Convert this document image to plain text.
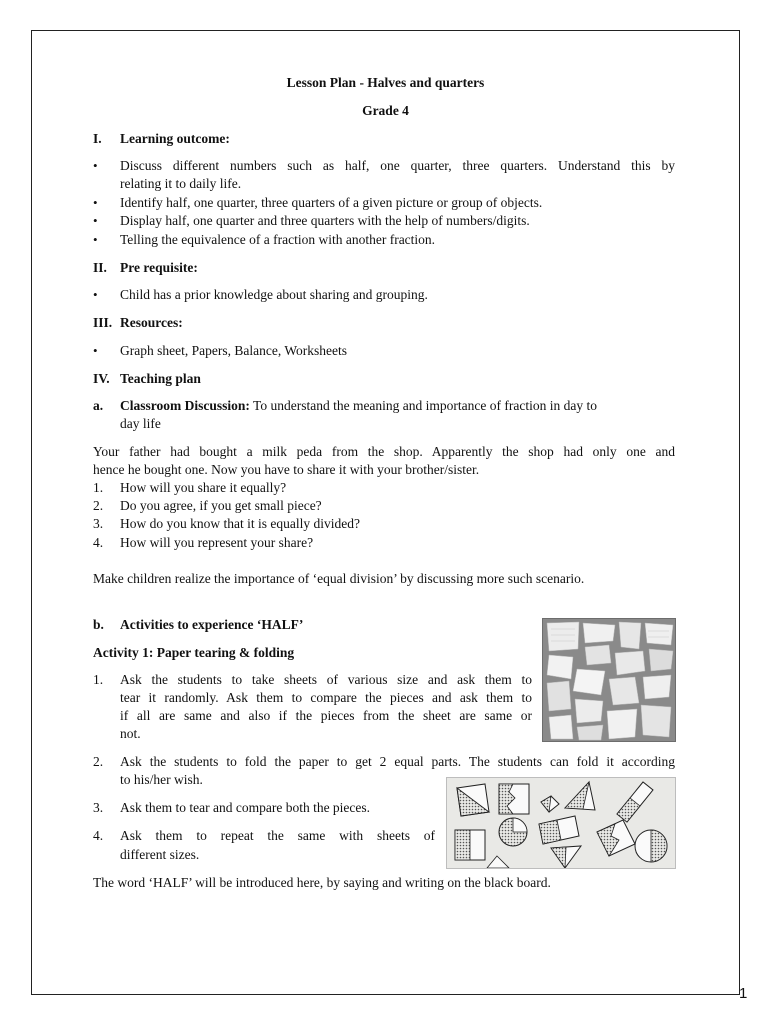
Lesson Plan - Halves and quarters
Grade 4
I. Learning outcome:
• Discuss different numbers such as half, one quarter, three quarters. Understand this by
relating it to daily life.
• Identify half, one quarter, three quarters of a given picture or group of objects.
• Display half, one quarter and three quarters with the help of numbers/digits.
• Telling the equivalence of a fraction with another fraction.
II. Pre requisite:
• Child has a prior knowledge about sharing and grouping.
III. Resources:
• Graph sheet, Papers, Balance, Worksheets
IV. Teaching plan
a. Classroom Discussion: To understand the meaning and importance of fraction in day to
day life
Your father had bought a milk peda from the shop. Apparently the shop had only one and
hence he bought one. Now you have to share it with your brother/sister.
1. How will you share it equally?
2. Do you agree, if you get small piece?
3. How do you know that it is equally divided?
4. How will you represent your share?
Make children realize the importance of ‘equal division’ by discussing more such scenario.
b. Activities to experience ‘HALF’
Activity 1: Paper tearing & folding
1. Ask the students to take sheets of various size and ask them to
tear it randomly. Ask them to compare the pieces and ask them to
if all are same and also if the pieces from the sheet are same or
not.
2. Ask the students to fold the paper to get 2 equal parts. The students can fold it according
to his/her wish.
3. Ask them to tear and compare both the pieces.
4. Ask them to repeat the same with sheets of
different sizes.
The word ‘HALF’ will be introduced here, by saying and writing on the black board.
1
